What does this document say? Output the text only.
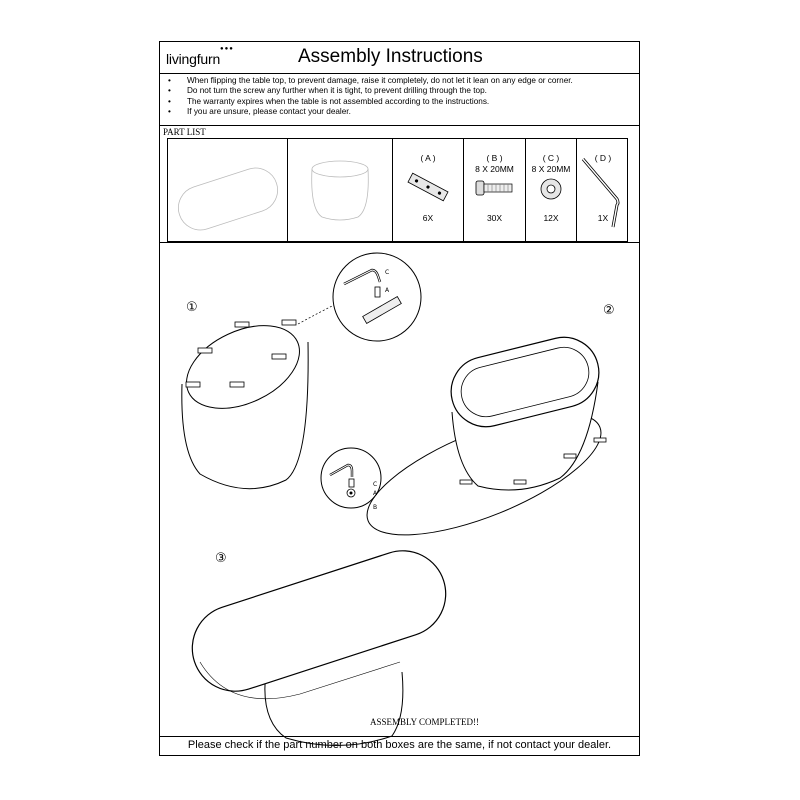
●●●
livingfurn	Assembly Instructions
•	When flipping the table top, to prevent damage, raise it completely, do not let it lean on any edge or corner.
•	Do not turn the screw any further when it is tight, to prevent drilling through the top.
•	The warranty expires when the table is not assembled according to the instructions.
•	If you are unsure, please contact your dealer.
PART LIST
( A )
6X
( B )
8 X 20MM
30X
( C )
8 X 20MM
12X
( D )
1X
①
C
A
②
C
A
B
③
ASSEMBLY COMPLETED!!
Please check if the part number on both boxes are the same, if not contact your dealer.
